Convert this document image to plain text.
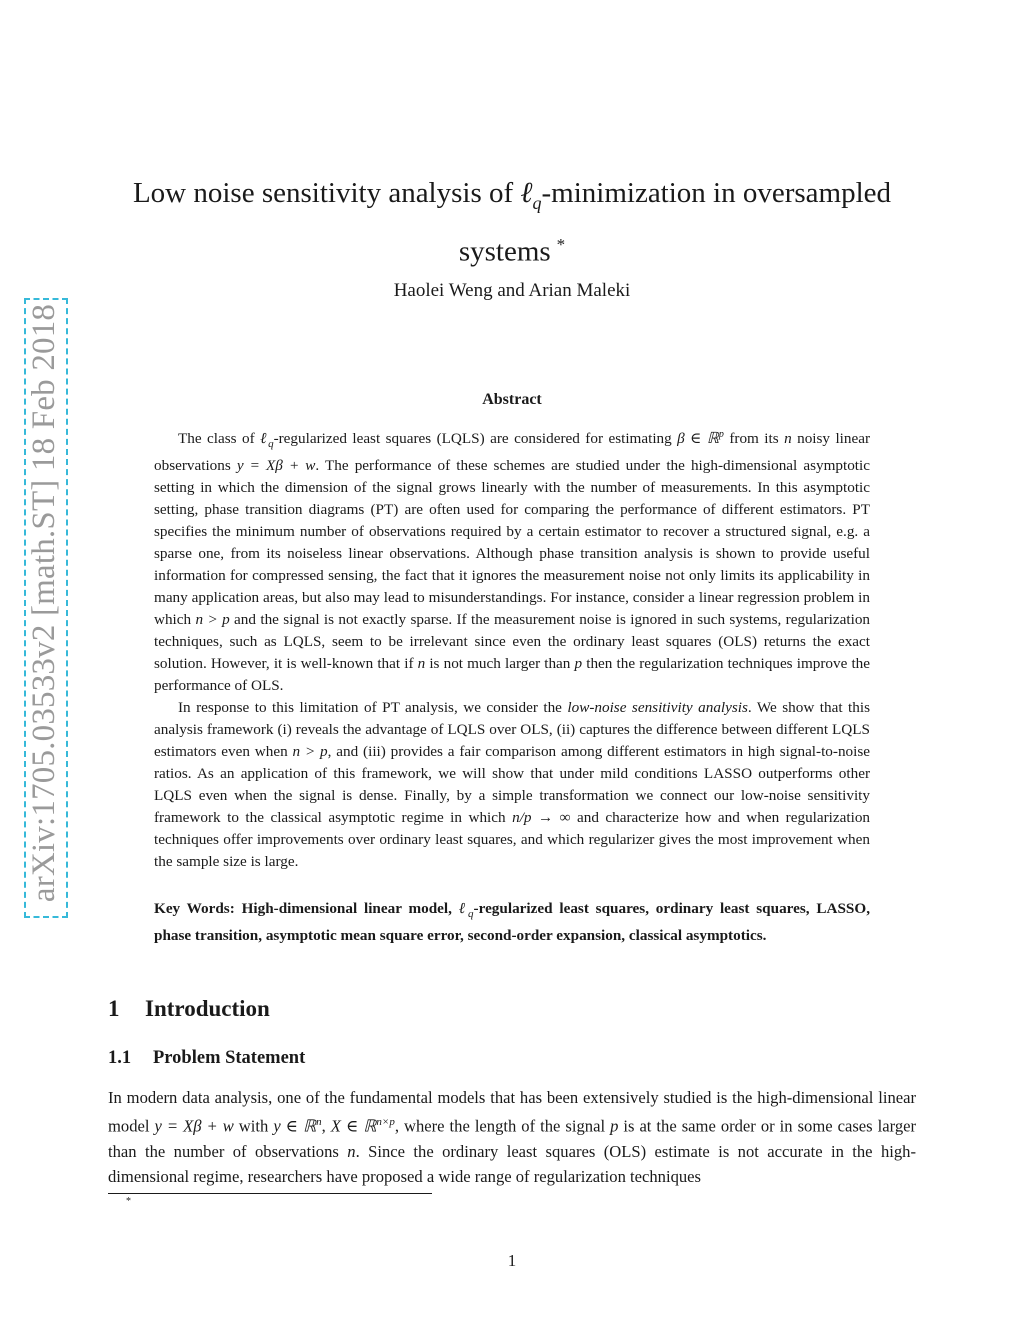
arXiv:1705.03533v2 [math.ST] 18 Feb 2018
Low noise sensitivity analysis of ℓ$_q$-minimization in oversampled systems *
Haolei Weng and Arian Maleki
Abstract

The class of ℓ$_q$-regularized least squares (LQLS) are considered for estimating β ∈ ℝ$^p$ from its n noisy linear observations y = Xβ + w. The performance of these schemes are studied under the high-dimensional asymptotic setting in which the dimension of the signal grows linearly with the number of measurements. In this asymptotic setting, phase transition diagrams (PT) are often used for comparing the performance of different estimators. PT specifies the minimum number of observations required by a certain estimator to recover a structured signal, e.g. a sparse one, from its noiseless linear observations. Although phase transition analysis is shown to provide useful information for compressed sensing, the fact that it ignores the measurement noise not only limits its applicability in many application areas, but also may lead to misunderstandings. For instance, consider a linear regression problem in which n > p and the signal is not exactly sparse. If the measurement noise is ignored in such systems, regularization techniques, such as LQLS, seem to be irrelevant since even the ordinary least squares (OLS) returns the exact solution. However, it is well-known that if n is not much larger than p then the regularization techniques improve the performance of OLS.

In response to this limitation of PT analysis, we consider the low-noise sensitivity analysis. We show that this analysis framework (i) reveals the advantage of LQLS over OLS, (ii) captures the difference between different LQLS estimators even when n > p, and (iii) provides a fair comparison among different estimators in high signal-to-noise ratios. As an application of this framework, we will show that under mild conditions LASSO outperforms other LQLS even when the signal is dense. Finally, by a simple transformation we connect our low-noise sensitivity framework to the classical asymptotic regime in which n/p → ∞ and characterize how and when regularization techniques offer improvements over ordinary least squares, and which regularizer gives the most improvement when the sample size is large.

Key Words: High-dimensional linear model, ℓ$_q$-regularized least squares, ordinary least squares, LASSO, phase transition, asymptotic mean square error, second-order expansion, classical asymptotics.
1 Introduction
1.1 Problem Statement

In modern data analysis, one of the fundamental models that has been extensively studied is the high-dimensional linear model y = Xβ + w with y ∈ ℝ$^n$, X ∈ ℝ$^{n\times p}$, where the length of the signal p is at the same order or in some cases larger than the number of observations n. Since the ordinary least squares (OLS) estimate is not accurate in the high-dimensional regime, researchers have proposed a wide range of regularization techniques

*
1
